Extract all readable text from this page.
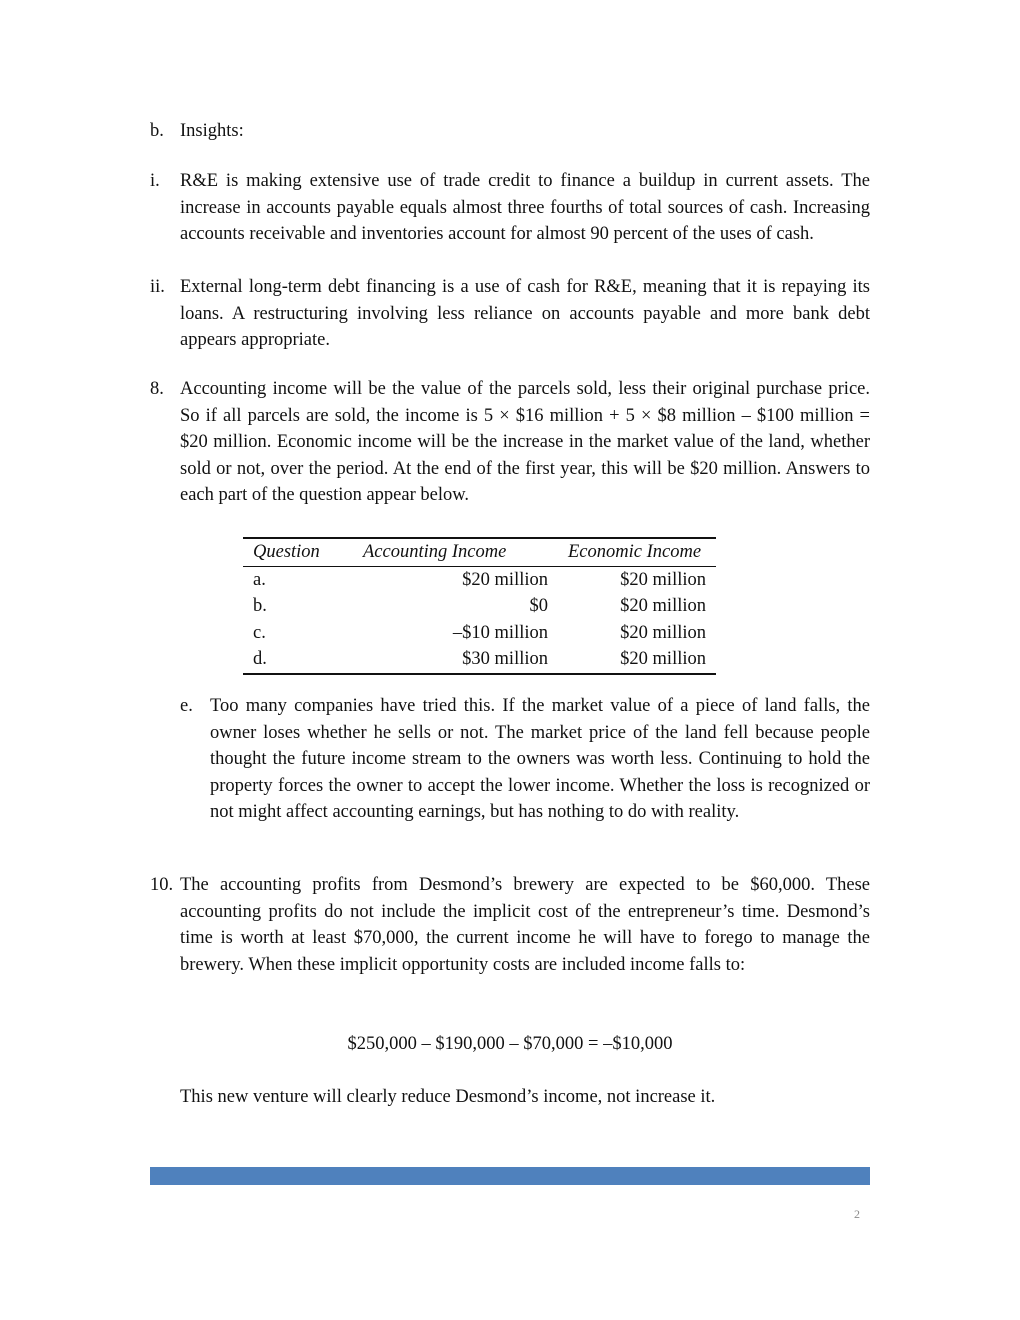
b. Insights:
i. R&E is making extensive use of trade credit to finance a buildup in current assets. The increase in accounts payable equals almost three fourths of total sources of cash. Increasing accounts receivable and inventories account for almost 90 percent of the uses of cash.
ii. External long-term debt financing is a use of cash for R&E, meaning that it is repaying its loans. A restructuring involving less reliance on accounts payable and more bank debt appears appropriate.
8. Accounting income will be the value of the parcels sold, less their original purchase price. So if all parcels are sold, the income is 5 × $16 million + 5 × $8 million – $100 million = $20 million. Economic income will be the increase in the market value of the land, whether sold or not, over the period. At the end of the first year, this will be $20 million. Answers to each part of the question appear below.
Question	Accounting Income	Economic Income
a.	$20 million	$20 million
b.	$0	$20 million
c.	–$10 million	$20 million
d.	$30 million	$20 million
e. Too many companies have tried this. If the market value of a piece of land falls, the owner loses whether he sells or not. The market price of the land fell because people thought the future income stream to the owners was worth less. Continuing to hold the property forces the owner to accept the lower income. Whether the loss is recognized or not might affect accounting earnings, but has nothing to do with reality.
10. The accounting profits from Desmond’s brewery are expected to be $60,000. These accounting profits do not include the implicit cost of the entrepreneur’s time. Desmond’s time is worth at least $70,000, the current income he will have to forego to manage the brewery. When these implicit opportunity costs are included income falls to:
$250,000 – $190,000 – $70,000 = –$10,000
This new venture will clearly reduce Desmond’s income, not increase it.
2
